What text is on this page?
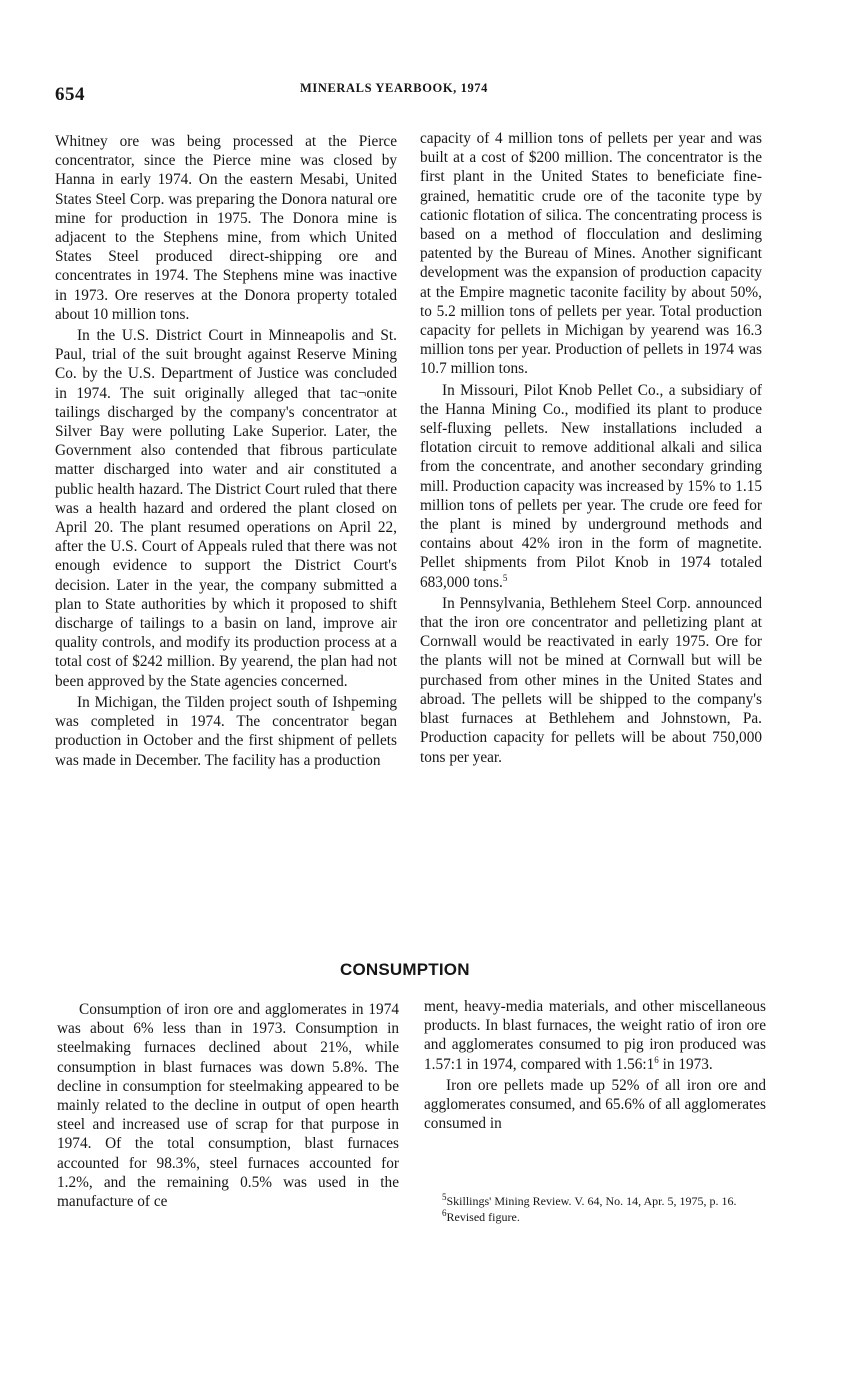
654	MINERALS YEARBOOK, 1974

Whitney ore was being processed at the Pierce concentrator, since the Pierce mine was closed by Hanna in early 1974. On the eastern Mesabi, United States Steel Corp. was preparing the Donora natural ore mine for production in 1975. The Donora mine is adjacent to the Stephens mine, from which United States Steel produced direct-shipping ore and concentrates in 1974. The Stephens mine was inactive in 1973. Ore reserves at the Donora property totaled about 10 million tons.

In the U.S. District Court in Minneapolis and St. Paul, trial of the suit brought against Reserve Mining Co. by the U.S. Department of Justice was concluded in 1974. The suit originally alleged that tac¬onite tailings discharged by the company's concentrator at Silver Bay were polluting Lake Superior. Later, the Government also contended that fibrous particulate matter discharged into water and air constituted a public health hazard. The District Court ruled that there was a health hazard and ordered the plant closed on April 20. The plant resumed operations on April 22, after the U.S. Court of Appeals ruled that there was not enough evidence to support the District Court's decision. Later in the year, the company submitted a plan to State authorities by which it proposed to shift discharge of tailings to a basin on land, improve air quality controls, and modify its production process at a total cost of $242 million. By yearend, the plan had not been approved by the State agencies concerned.

In Michigan, the Tilden project south of Ishpeming was completed in 1974. The concentrator began production in October and the first shipment of pellets was made in December. The facility has a production

capacity of 4 million tons of pellets per year and was built at a cost of $200 million. The concentrator is the first plant in the United States to beneficiate fine-grained, hematitic crude ore of the taconite type by cationic flotation of silica. The concentrating process is based on a method of flocculation and desliming patented by the Bureau of Mines. Another significant development was the expansion of production capacity at the Empire magnetic taconite facility by about 50%, to 5.2 million tons of pellets per year. Total production capacity for pellets in Michigan by yearend was 16.3 million tons per year. Production of pellets in 1974 was 10.7 million tons.

In Missouri, Pilot Knob Pellet Co., a subsidiary of the Hanna Mining Co., modified its plant to produce self-fluxing pellets. New installations included a flotation circuit to remove additional alkali and silica from the concentrate, and another secondary grinding mill. Production capacity was increased by 15% to 1.15 million tons of pellets per year. The crude ore feed for the plant is mined by underground methods and contains about 42% iron in the form of magnetite. Pellet shipments from Pilot Knob in 1974 totaled 683,000 tons.$^5$

In Pennsylvania, Bethlehem Steel Corp. announced that the iron ore concentrator and pelletizing plant at Cornwall would be reactivated in early 1975. Ore for the plants will not be mined at Cornwall but will be purchased from other mines in the United States and abroad. The pellets will be shipped to the company's blast furnaces at Bethlehem and Johnstown, Pa. Production capacity for pellets will be about 750,000 tons per year.

CONSUMPTION

Consumption of iron ore and agglomerates in 1974 was about 6% less than in 1973. Consumption in steelmaking furnaces declined about 21%, while consumption in blast furnaces was down 5.8%. The decline in consumption for steelmaking appeared to be mainly related to the decline in output of open hearth steel and increased use of scrap for that purpose in 1974. Of the total consumption, blast furnaces accounted for 98.3%, steel furnaces accounted for 1.2%, and the remaining 0.5% was used in the manufacture of ce

ment, heavy-media materials, and other miscellaneous products. In blast furnaces, the weight ratio of iron ore and agglomerates consumed to pig iron produced was 1.57:1 in 1974, compared with $1.56:1^6$ in 1973.

Iron ore pellets made up 52% of all iron ore and agglomerates consumed, and 65.6% of all agglomerates consumed in

$^5$Skillings' Mining Review. V. 64, No. 14, Apr. 5, 1975, p. 16.

$^6$Revised figure.
